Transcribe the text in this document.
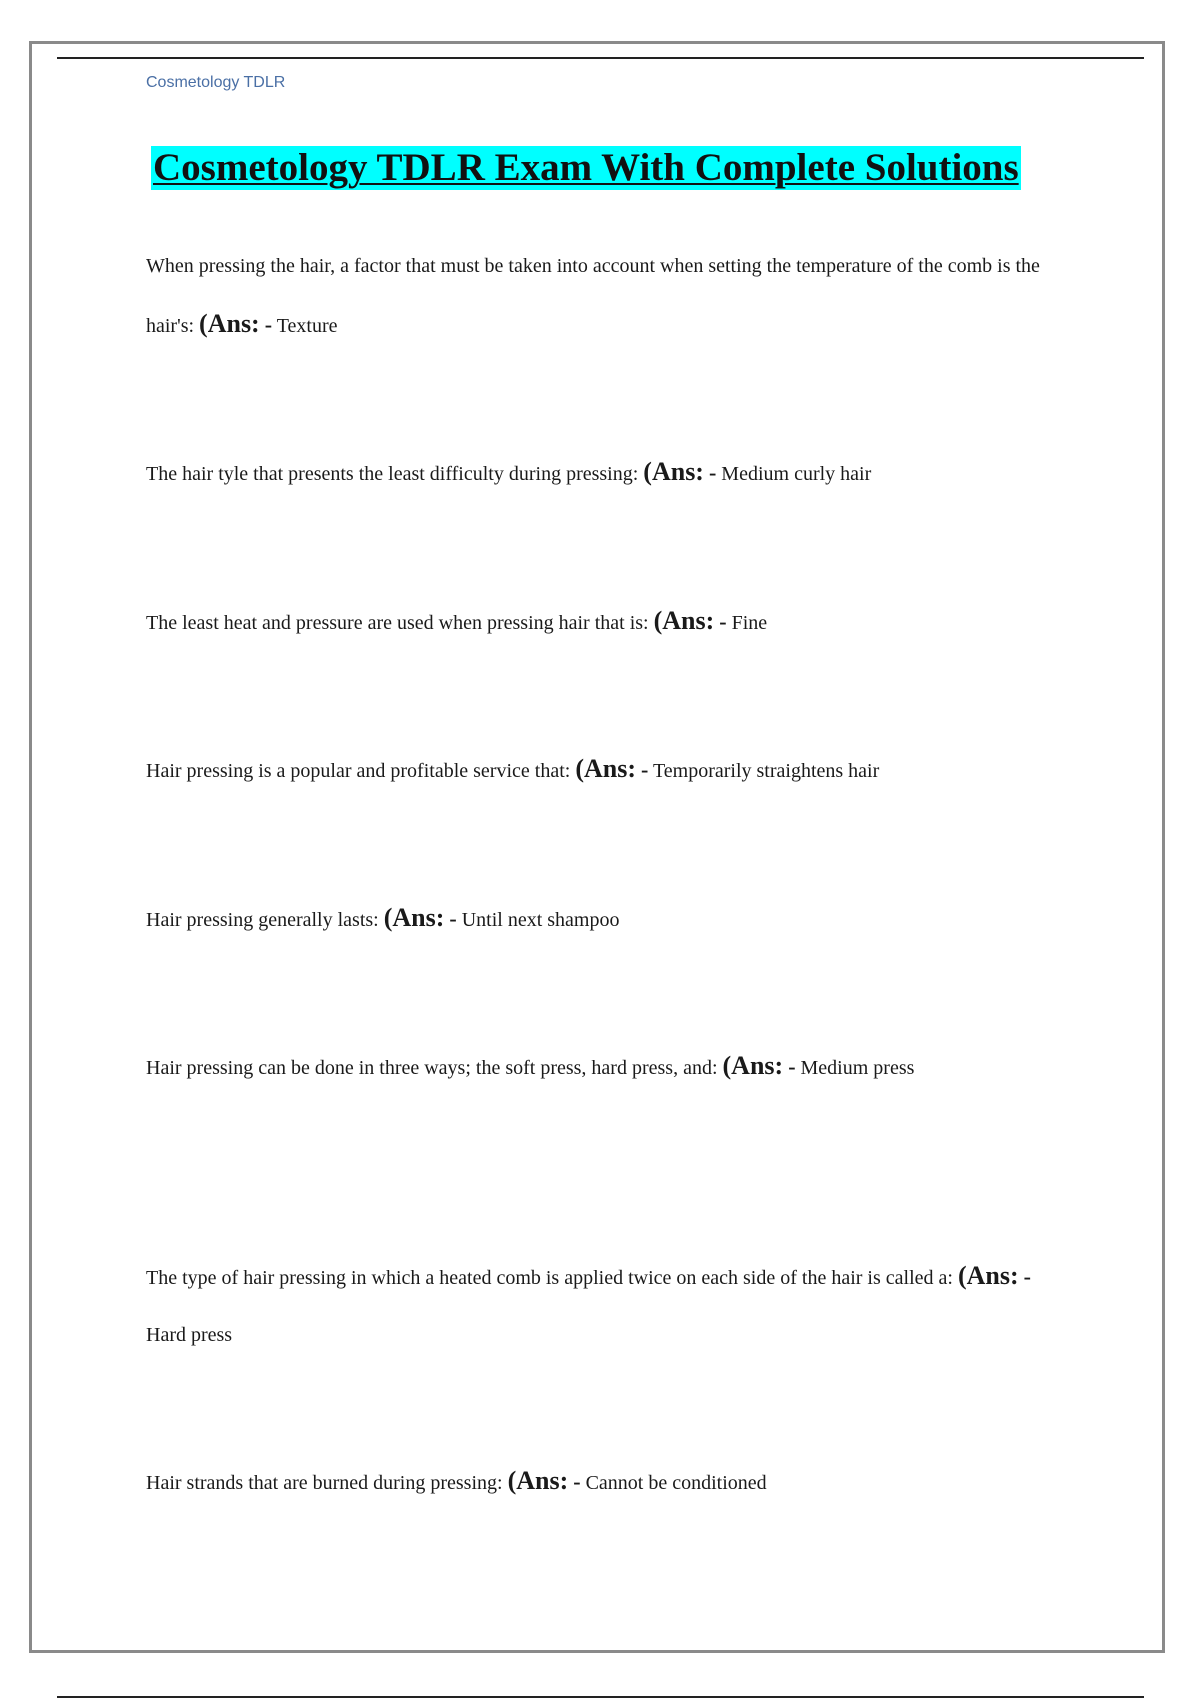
Cosmetology TDLR
Cosmetology TDLR Exam With Complete Solutions
When pressing the hair, a factor that must be taken into account when setting the temperature of the comb is the hair's: (Ans: - Texture
The hair tyle that presents the least difficulty during pressing: (Ans: - Medium curly hair
The least heat and pressure are used when pressing hair that is: (Ans: - Fine
Hair pressing is a popular and profitable service that: (Ans: - Temporarily straightens hair
Hair pressing generally lasts: (Ans: - Until next shampoo
Hair pressing can be done in three ways; the soft press, hard press, and: (Ans: - Medium press
The type of hair pressing in which a heated comb is applied twice on each side of the hair is called a: (Ans: - Hard press
Hair strands that are burned during pressing: (Ans: - Cannot be conditioned
